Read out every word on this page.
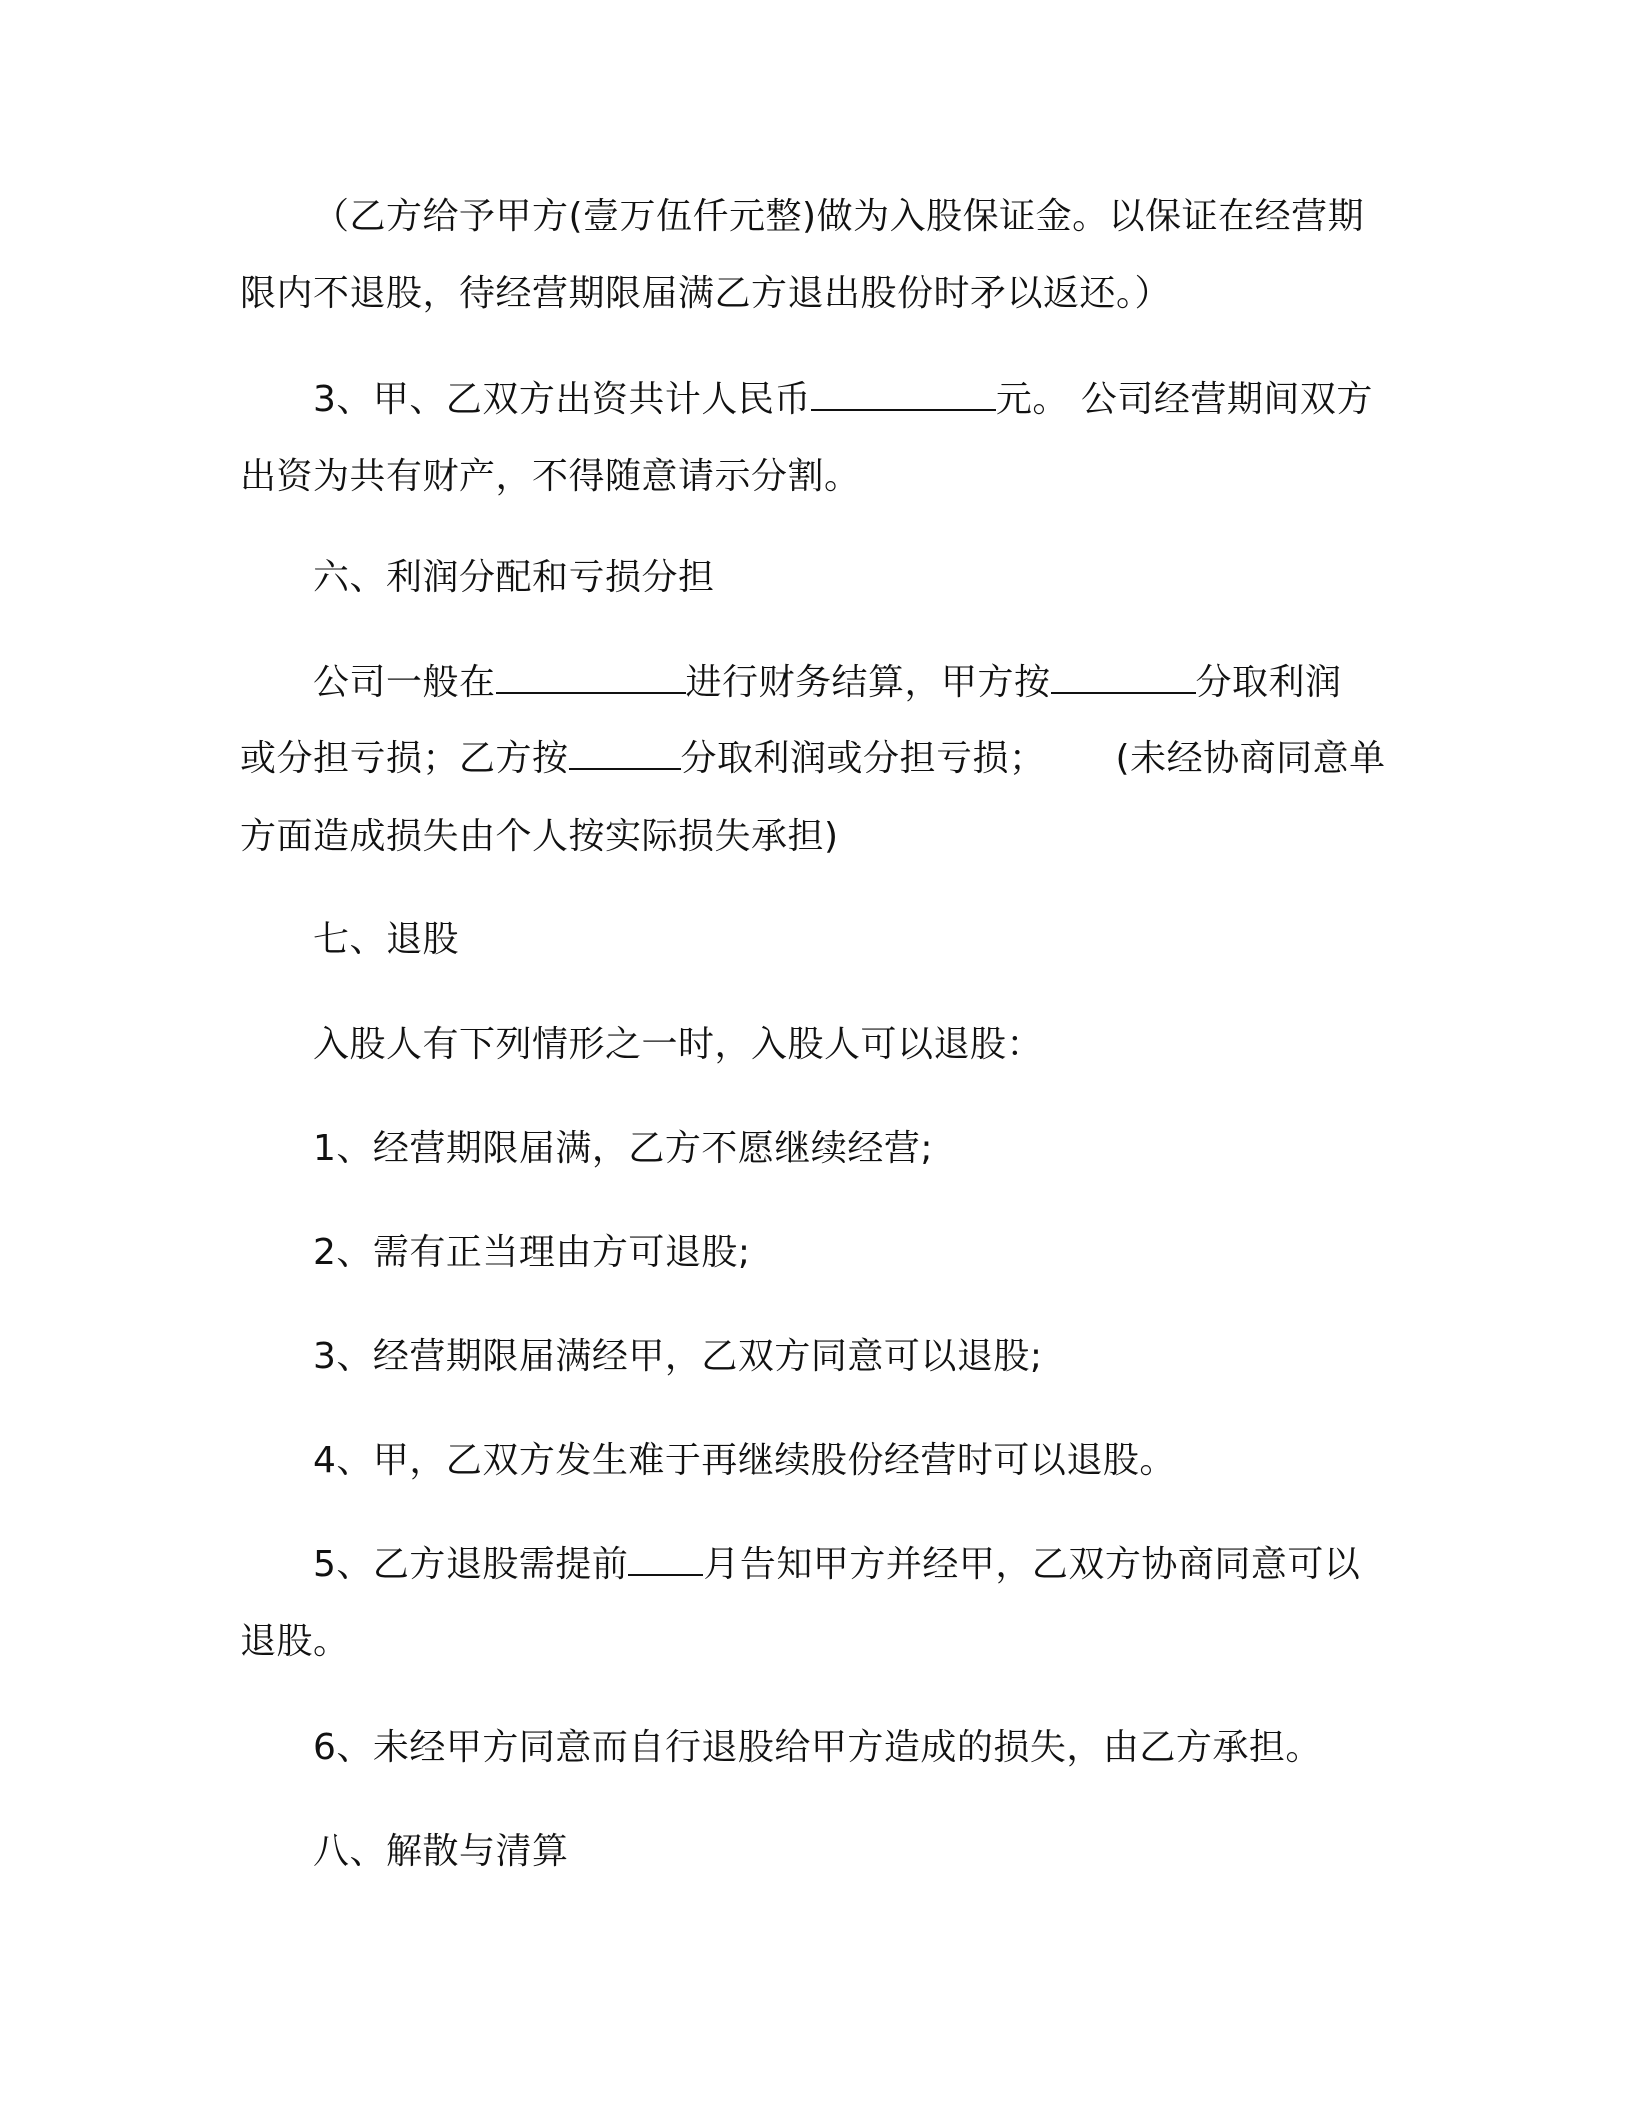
（乙方给予甲方(壹万伍仟元整)做为入股保证金。以保证在经营期
限内不退股，待经营期限届满乙方退出股份时矛以返还。）
3、甲、乙双方出资共计人民币	元。 公司经营期间双方
出资为共有财产，不得随意请示分割。
六、利润分配和亏损分担
公司一般在	进行财务结算，甲方按	分取利润
或分担亏损；乙方按	分取利润或分担亏损； (未经协商同意单
方面造成损失由个人按实际损失承担)
七、退股
入股人有下列情形之一时，入股人可以退股：
1、经营期限届满，乙方不愿继续经营;
2、需有正当理由方可退股;
3、经营期限届满经甲，乙双方同意可以退股;
4、甲，乙双方发生难于再继续股份经营时可以退股。
5、乙方退股需提前 月告知甲方并经甲，乙双方协商同意可以
退股。
6、未经甲方同意而自行退股给甲方造成的损失，由乙方承担。
八、解散与清算
